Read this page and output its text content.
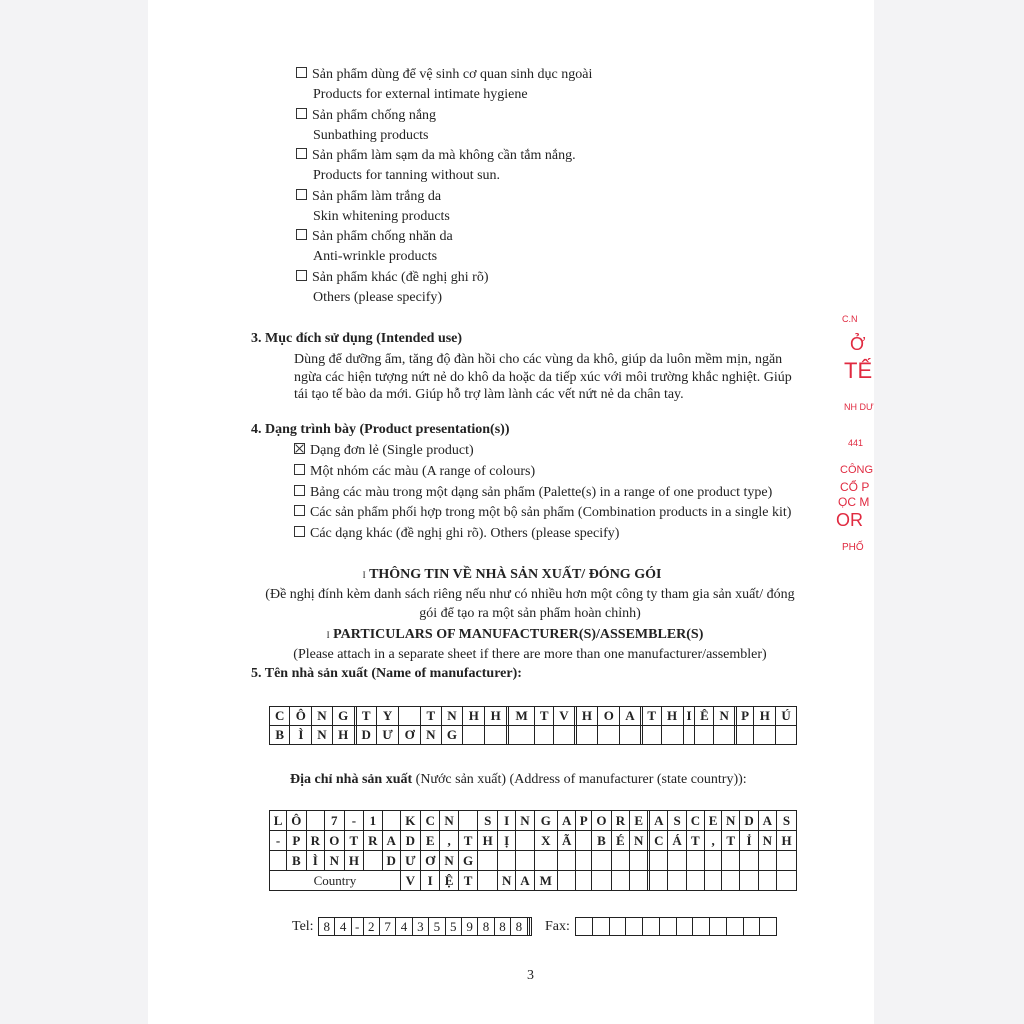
Sản phẩm dùng để vệ sinh cơ quan sinh dục ngoài
Products for external intimate hygiene
Sản phẩm chống nắng
Sunbathing products
Sản phẩm làm sạm da mà không cần tắm nắng.
Products for tanning without sun.
Sản phẩm làm trắng da
Skin whitening products
Sản phẩm chống nhăn da
Anti-wrinkle products
Sản phẩm khác (đề nghị ghi rõ)
Others (please specify)
3. Mục đích sử dụng (Intended use)
Dùng để dưỡng ẩm, tăng độ đàn hồi cho các vùng da khô, giúp da luôn mềm mịn, ngăn
ngừa các hiện tượng nứt nẻ do khô da hoặc da tiếp xúc với môi trường khắc nghiệt. Giúp
tái tạo tế bào da mới. Giúp hỗ trợ làm lành các vết nứt nẻ da chân tay.
4. Dạng trình bày (Product presentation(s))
Dạng đơn lẻ (Single product)
Một nhóm các màu (A range of colours)
Bảng các màu trong một dạng sản phẩm (Palette(s) in a range of one product type)
Các sản phẩm phối hợp trong một bộ sản phẩm (Combination products in a single kit)
Các dạng khác (đề nghị ghi rõ). Others (please specify)
I THÔNG TIN VỀ NHÀ SẢN XUẤT/ ĐÓNG GÓI
(Đề nghị đính kèm danh sách riêng nếu như có nhiều hơn một công ty tham gia sản xuất/ đóng
gói để tạo ra một sản phẩm hoàn chỉnh)
I PARTICULARS OF MANUFACTURER(S)/ASSEMBLER(S)
(Please attach in a separate sheet if there are more than one manufacturer/assembler)
5. Tên nhà sản xuất (Name of manufacturer):
C	Ô	N	G		T	Y		T	N	H	H		M	T	V		H	O	A		T	H	I	Ê	N		P	H	Ú
B	Ì	N	H		D	Ư	Ơ	N	G																				
Địa chỉ nhà sản xuất (Nước sản xuất) (Address of manufacturer (state country)):
L	Ô		7	-	1		K	C	N		S	I	N	G	A	P	O	R	E		A	S	C	E	N	D	A	S
-	P	R	O	T	R	A	D	E	,	T	H	Ị		X	Ã		B	É	N		C	Á	T	,	T	Ỉ	N	H
	B	Ì	N	H		D	Ư	Ơ	N	G																		
Country							V	I	Ệ	T		N	A	M														
Tel: 8	4	-	2	7	4	3	5	5	9	8	8	8		Fax:

3
C.N
Ở
TẾ
NH DƯ
441
CÔNG
CỔ P
ỌC M
OR
PHỐ
